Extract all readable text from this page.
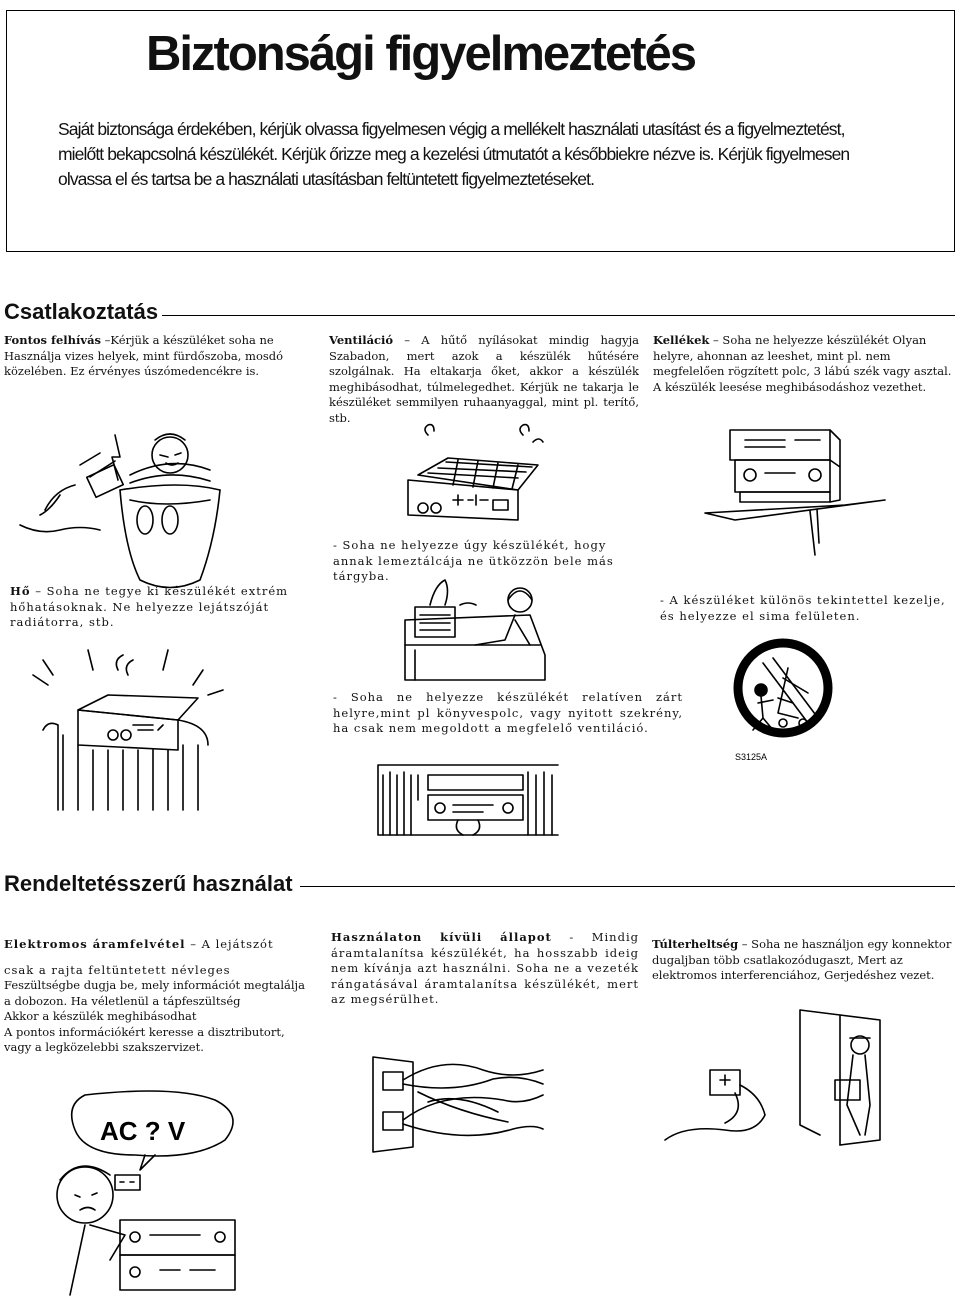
Biztonsági figyelmeztetés

Saját biztonsága érdekében, kérjük olvassa figyelmesen végig a mellékelt használati utasítást és a figyelmeztetést, mielőtt bekapcsolná készülékét. Kérjük őrizze meg a kezelési útmutatót a későbbiekre nézve is. Kérjük figyelmesen olvassa el és tartsa be a használati utasításban feltüntetett figyelmeztetéseket.

Csatlakoztatás

Fontos felhívás –Kérjük a készüléket soha ne Használja vizes helyek, mint fürdőszoba, mosdó közelében. Ez érvényes úszómedencékre is.

Ventiláció – A hűtő nyílásokat mindig hagyja Szabadon, mert azok a készülék hűtésére szolgálnak. Ha eltakarja őket, akkor a készülék meghibásodhat, túlmelegedhet. Kérjük ne takarja le készüléket semmilyen ruhaanyaggal, mint pl. terítő, stb.

Kellékek – Soha ne helyezze készülékét Olyan helyre, ahonnan az leeshet, mint pl. nem megfelelően rögzített polc, 3 lábú szék vagy asztal. A készülék leesése meghibásodáshoz vezethet.

Hő – Soha ne tegye ki készülékét extrém hőhatásoknak. Ne helyezze lejátszóját radiátorra, stb.

- Soha ne helyezze úgy készülékét, hogy annak lemeztálcája ne ütközzön bele más tárgyba.

- A készüléket különös tekintettel kezelje, és helyezze el sima felületen.

- Soha ne helyezze készülékét relatíven zárt helyre,mint pl könyvespolc, vagy nyitott szekrény, ha csak nem megoldott a megfelelő ventiláció.

S3125A
Rendeltetésszerű használat
Elektromos áramfelvétel – A lejátszót
csak a rajta feltüntetett névleges
Feszültségbe dugja be, mely információt megtalálja
a dobozon. Ha véletlenül a tápfeszültség
Akkor a készülék meghibásodhat
A pontos információkért keresse a disztributort,
vagy a legközelebbi szakszervizet.

Használaton kívüli állapot - Mindig áramtalanítsa készülékét, ha hosszabb ideig nem kívánja azt használni. Soha ne a vezeték rángatásával áramtalanítsa készülékét, mert az megsérülhet.

Túlterheltség – Soha ne használjon egy konnektor dugaljban több csatlakozódugaszt, Mert az elektromos interferenciához, Gerjedéshez vezet.

AC ? V
